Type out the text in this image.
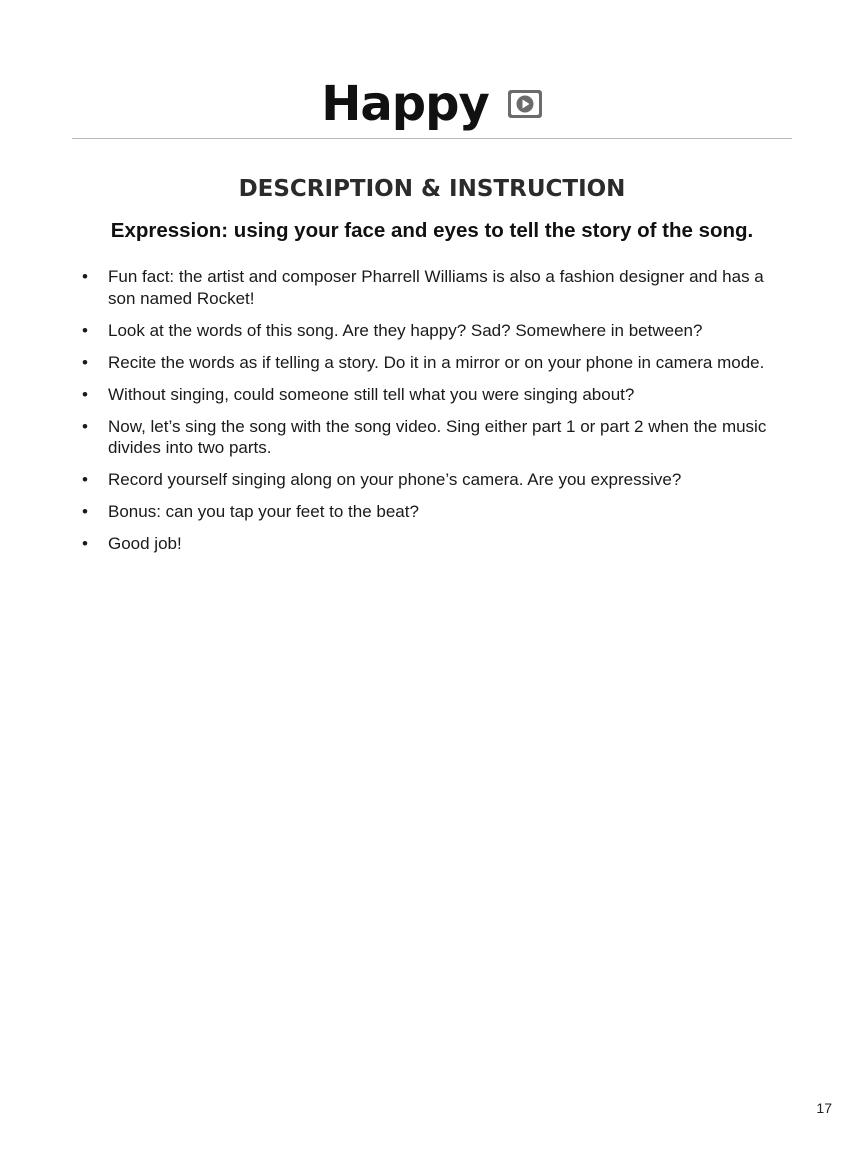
Happy
DESCRIPTION & INSTRUCTION
Expression: using your face and eyes to tell the story of the song.
•	Fun fact: the artist and composer Pharrell Williams is also a fashion designer and has a son named Rocket!
•	Look at the words of this song. Are they happy? Sad? Somewhere in between?
•	Recite the words as if telling a story. Do it in a mirror or on your phone in camera mode.
•	Without singing, could someone still tell what you were singing about?
•	Now, let’s sing the song with the song video. Sing either part 1 or part 2 when the music divides into two parts.
•	Record yourself singing along on your phone’s camera. Are you expressive?
•	Bonus: can you tap your feet to the beat?
•	Good job!
17
